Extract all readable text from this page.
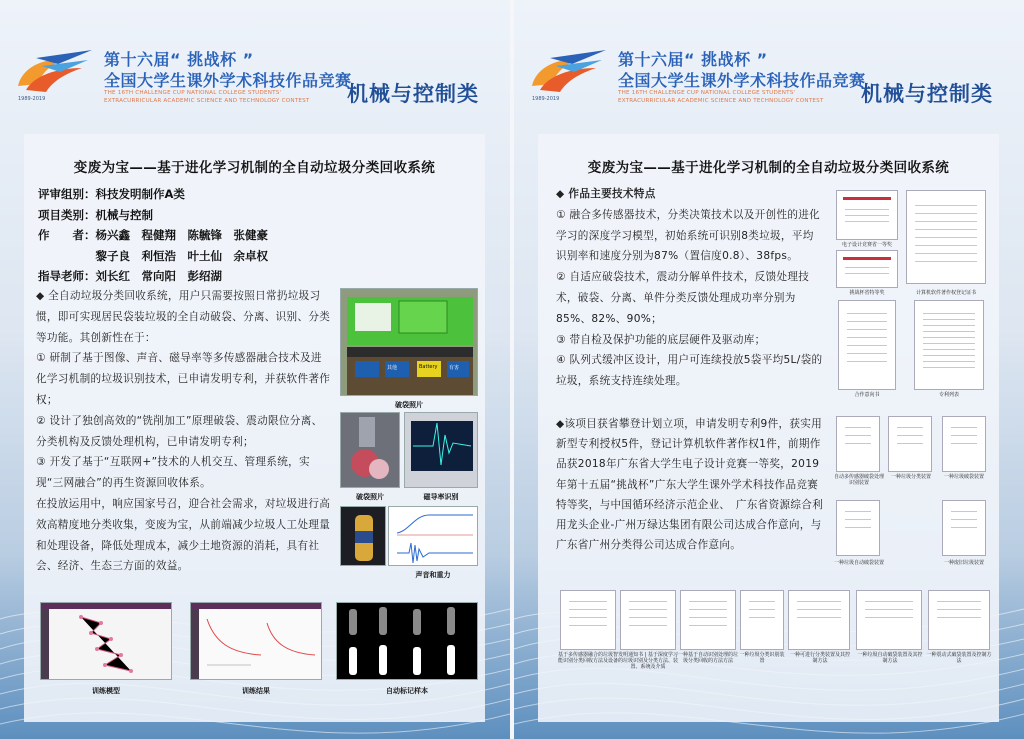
1989-2019
第十六届“ 挑战杯 ”
全国大学生课外学术科技作品竞赛
THE 16TH CHALLENGE CUP NATIONAL COLLEGE STUDENTS'
EXTRACURRICULAR ACADEMIC SCIENCE AND TECHNOLOGY CONTEST 机械与控制类
变废为宝——基于进化学习机制的全自动垃圾分类回收系统
评审组别：科技发明制作A类
项目类别：机械与控制
作　　者：杨兴鑫　程健翔　陈毓锋　张健豪
　　　　　黎子良　利恒浩　叶土仙　余卓权
指导老师：刘长红　常向阳　彭绍湖

◆ 全自动垃圾分类回收系统，用户只需要按照日常扔垃圾习惯，即可实现居民袋装垃圾的全自动破袋、分离、识别、分类等功能。其创新性在于：

① 研制了基于图像、声音、磁导率等多传感器融合技术及进化学习机制的垃圾识别技术，已申请发明专利，并获软件著作权；

② 设计了独创高效的“铣削加工”原理破袋、震动限位分离、分类机构及反馈处理机构，已申请发明专利；

③ 开发了基于“互联网+”技术的人机交互、管理系统，实现“三网融合”的再生资源回收体系。

在投放运用中，响应国家号召，迎合社会需求，对垃圾进行高效高精度地分类收集，变废为宝，从前端减少垃圾人工处理量和处理设备，降低处理成本，减少土地资源的消耗，具有社会、经济、生态三方面的效益。

其他	Battery 有害
破袋照片
破袋照片	磁导率识别
声音和重力
训练模型	训练结果	自动标记样本
1989-2019
第十六届“ 挑战杯 ”
全国大学生课外学术科技作品竞赛
THE 16TH CHALLENGE CUP NATIONAL COLLEGE STUDENTS'
EXTRACURRICULAR ACADEMIC SCIENCE AND TECHNOLOGY CONTEST 机械与控制类
变废为宝——基于进化学习机制的全自动垃圾分类回收系统

◆ 作品主要技术特点

① 融合多传感器技术，分类决策技术以及开创性的进化学习的深度学习模型，初始系统可识别8类垃圾，平均识别率和速度分别为87%（置信度0.8）、38fps。

② 自适应破袋技术，震动分解单件技术，反馈处理技术，破袋、分离、单件分类反馈处理成功率分别为85%、82%、90%；

③ 带自检及保护功能的底层硬件及驱动库；

④ 队列式缓冲区设计，用户可连续投放5袋平均5L/袋的垃圾，系统支持连续处理。

◆该项目获省攀登计划立项，申请发明专利9件，获实用新型专利授权5件，登记计算机软件著作权1件，前期作品获2018年广东省大学生电子设计竞赛一等奖，2019年第十五届“挑战杯”广东大学生课外学术科技作品竞赛特等奖，与中国循环经济示范企业、　广东省资源综合利用龙头企业-广州万绿达集团有限公司达成合作意向，与广东省广州分类得公司达成合作意向。

电子设计竞赛省一等奖
挑战杯省特等奖	计算机软件著作权登记证书
合作意向书	专利列表
自动多传感器破袋处理识别装置
一种垃圾分类装置	一种垃圾破袋装置
一种垃圾自动破袋装置	一种废旧垃圾装置
基于多传感器融合的垃圾智能识别分类回收方法及设备
发明通知书 | 基于深度学习的垃圾识别及分类方法、装置、系统及介质
一种基于自动识别处理的垃圾分类回收的方法方法
一种垃圾分类识别装置
一种可进行分类装置及其控制方法
一种垃圾自动破袋装置及其控制方法
一种震动式破袋装置及控制方法
